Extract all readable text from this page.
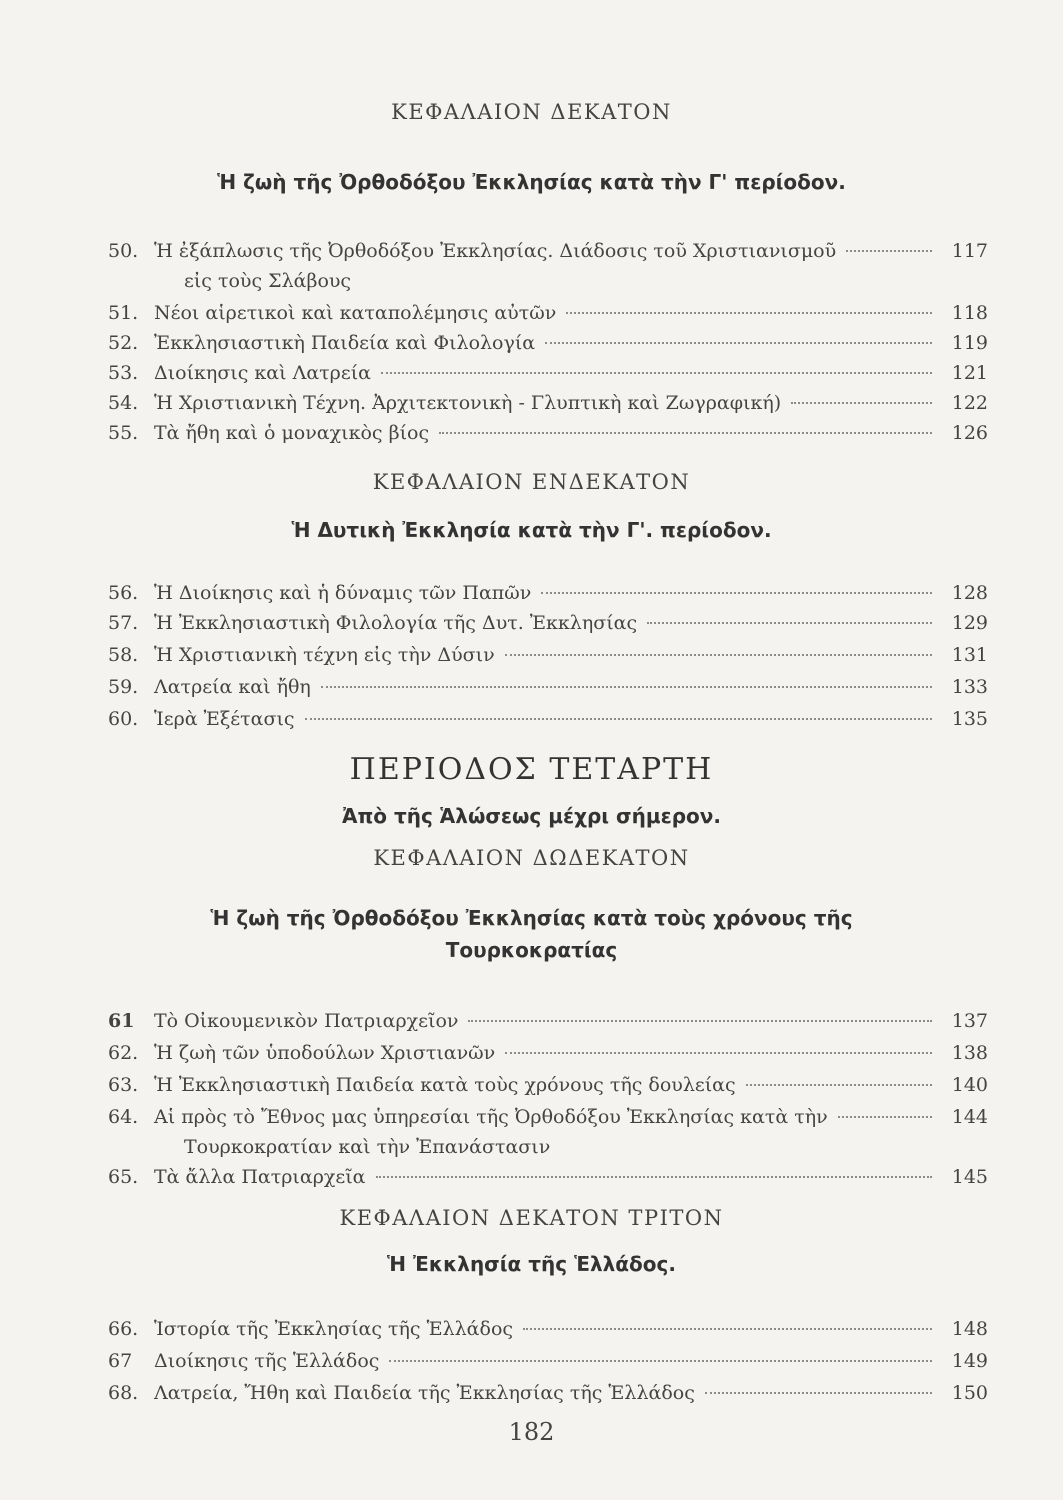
ΚΕΦΑΛΑΙΟΝ ΔΕΚΑΤΟΝ
Ἡ ζωὴ τῆς Ὀρθοδόξου Ἐκκλησίας κατὰ τὴν Γ' περίοδον.
50. Ἡ ἐξάπλωσις τῆς Ὀρθοδόξου Ἐκκλησίας. Διάδοσις τοῦ Χριστιανισμοῦ	117
εἰς τοὺς Σλάβους
51. Νέοι αἱρετικοὶ καὶ καταπολέμησις αὐτῶν	118
52. Ἐκκλησιαστικὴ Παιδεία καὶ Φιλολογία	119
53. Διοίκησις καὶ Λατρεία	121
54. Ἡ Χριστιανικὴ Τέχνη. Ἀρχιτεκτονικὴ - Γλυπτικὴ καὶ Ζωγραφική)	122
55. Τὰ ἤθη καὶ ὁ μοναχικὸς βίος	126
ΚΕΦΑΛΑΙΟΝ ΕΝΔΕΚΑΤΟΝ
Ἡ Δυτικὴ Ἐκκλησία κατὰ τὴν Γ'. περίοδον.
56. Ἡ Διοίκησις καὶ ἡ δύναμις τῶν Παπῶν	128
57. Ἡ Ἐκκλησιαστικὴ Φιλολογία τῆς Δυτ. Ἐκκλησίας	129
58. Ἡ Χριστιανικὴ τέχνη εἰς τὴν Δύσιν	131
59. Λατρεία καὶ ἤθη	133
60. Ἱερὰ Ἐξέτασις	135
ΠΕΡΙΟΔΟΣ ΤΕΤΑΡΤΗ
Ἀπὸ τῆς Ἁλώσεως μέχρι σήμερον.
ΚΕΦΑΛΑΙΟΝ ΔΩΔΕΚΑΤΟΝ
Ἡ ζωὴ τῆς Ὀρθοδόξου Ἐκκλησίας κατὰ τοὺς χρόνους τῆς
Τουρκοκρατίας
61	Τὸ Οἰκουμενικὸν Πατριαρχεῖον	137
62. Ἡ ζωὴ τῶν ὑποδούλων Χριστιανῶν	138
63. Ἡ Ἐκκλησιαστικὴ Παιδεία κατὰ τοὺς χρόνους τῆς δουλείας	140
64. Αἱ πρὸς τὸ Ἔθνος μας ὑπηρεσίαι τῆς Ὀρθοδόξου Ἐκκλησίας κατὰ τὴν	144
Τουρκοκρατίαν καὶ τὴν Ἐπανάστασιν
65. Τὰ ἄλλα Πατριαρχεῖα	145
ΚΕΦΑΛΑΙΟΝ ΔΕΚΑΤΟΝ ΤΡΙΤΟΝ
Ἡ Ἐκκλησία τῆς Ἑλλάδος.
66. Ἱστορία τῆς Ἐκκλησίας τῆς Ἑλλάδος	148
67	Διοίκησις τῆς Ἑλλάδος	149
68. Λατρεία, Ἤθη καὶ Παιδεία τῆς Ἐκκλησίας τῆς Ἑλλάδος	150
182
